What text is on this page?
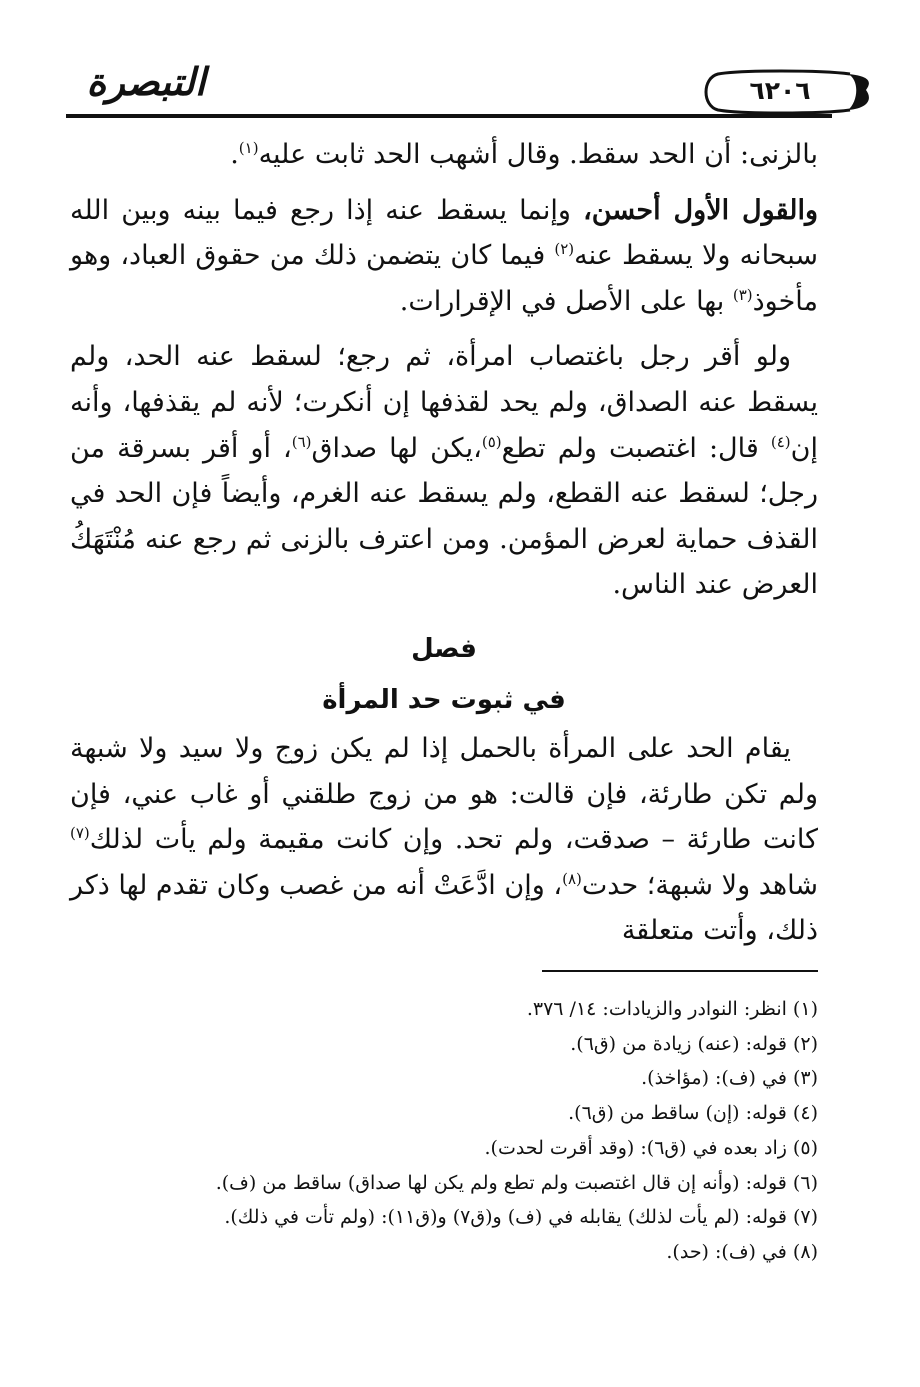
التبصرة	٦٢٠٦

بالزنى: أن الحد سقط. وقال أشهب الحد ثابت عليه$^{(١)}$.

والقول الأول أحسن، وإنما يسقط عنه إذا رجع فيما بينه وبين الله سبحانه ولا يسقط عنه$^{(٢)}$ فيما كان يتضمن ذلك من حقوق العباد، وهو مأخوذ$^{(٣)}$ بها على الأصل في الإقرارات.

 ولو أقر رجل باغتصاب امرأة، ثم رجع؛ لسقط عنه الحد، ولم يسقط عنه الصداق، ولم يحد لقذفها إن أنكرت؛ لأنه لم يقذفها، وأنه إن$^{(٤)}$ قال: اغتصبت ولم تطع$^{(٥)}$،يكن لها صداق$^{(٦)}$، أو أقر بسرقة من رجل؛ لسقط عنه القطع، ولم يسقط عنه الغرم، وأيضاً فإن الحد في القذف حماية لعرض المؤمن. ومن اعترف بالزنى ثم رجع عنه مُنْتَهَكُ العرض عند الناس.

فصل

في ثبوت حد المرأة

 يقام الحد على المرأة بالحمل إذا لم يكن زوج ولا سيد ولا شبهة ولم تكن طارئة، فإن قالت: هو من زوج طلقني أو غاب عني، فإن كانت طارئة – صدقت، ولم تحد. وإن كانت مقيمة ولم يأت لذلك$^{(٧)}$ شاهد ولا شبهة؛ حدت$^{(٨)}$، وإن ادَّعَتْ أنه من غصب وكان تقدم لها ذكر ذلك، وأتت متعلقة

(١) انظر: النوادر والزيادات: ١٤/ ٣٧٦.

(٢) قوله: (عنه) زيادة من (ق٦).

(٣) في (ف): (مؤاخذ).

(٤) قوله: (إن) ساقط من (ق٦).

(٥) زاد بعده في (ق٦): (وقد أقرت لحدت).

(٦) قوله: (وأنه إن قال اغتصبت ولم تطع ولم يكن لها صداق) ساقط من (ف).

(٧) قوله: (لم يأت لذلك) يقابله في (ف) و(ق٧) و(ق١١): (ولم تأت في ذلك).

(٨) في (ف): (حد).
